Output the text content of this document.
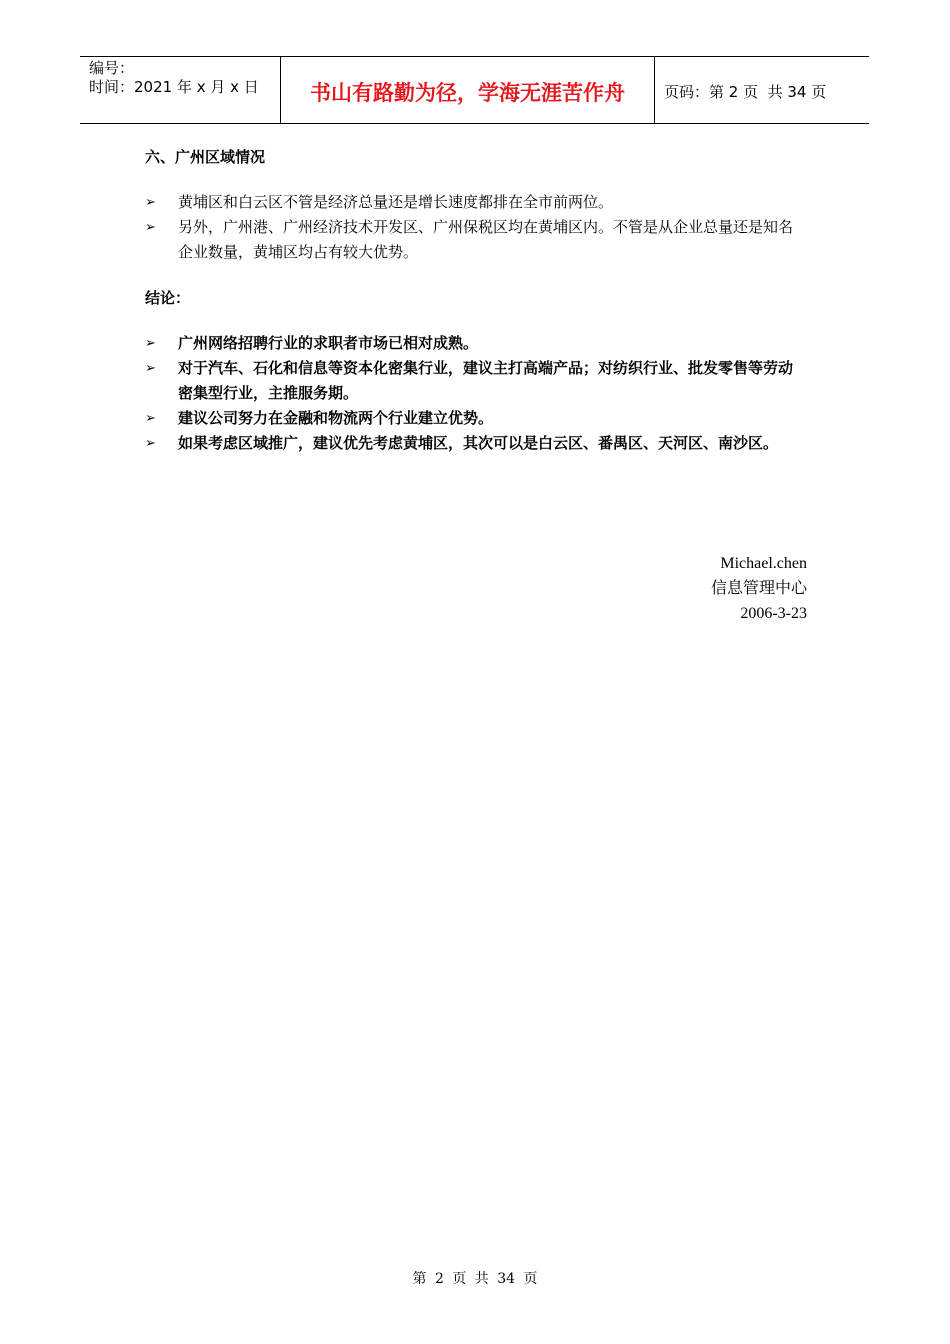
编号：
时间：2021 年 x 月 x 日	书山有路勤为径，学海无涯苦作舟	页码：第 2 页  共 34 页
六、广州区域情况
➢ 黄埔区和白云区不管是经济总量还是增长速度都排在全市前两位。
➢ 另外，广州港、广州经济技术开发区、广州保税区均在黄埔区内。不管是从企业总量还是知名企业数量，黄埔区均占有较大优势。
结论：
➢ 广州网络招聘行业的求职者市场已相对成熟。
➢ 对于汽车、石化和信息等资本化密集行业，建议主打高端产品；对纺织行业、批发零售等劳动密集型行业，主推服务期。
➢ 建议公司努力在金融和物流两个行业建立优势。
➢ 如果考虑区域推广，建议优先考虑黄埔区，其次可以是白云区、番禺区、天河区、南沙区。
Michael.chen
信息管理中心
2006-3-23
第 2 页 共 34 页
